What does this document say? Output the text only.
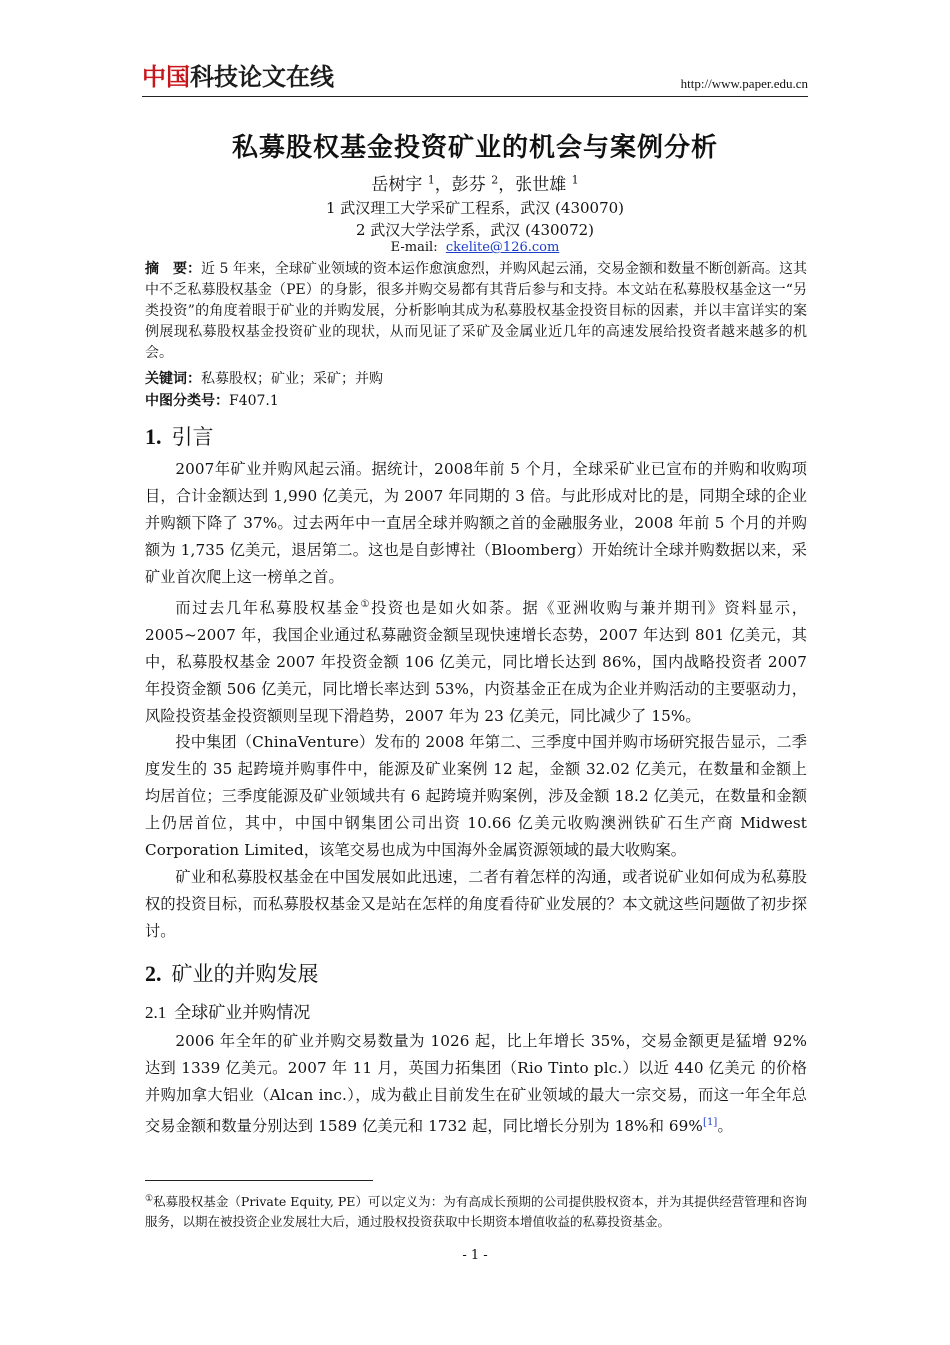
中国科技论文在线	http://www.paper.edu.cn
私募股权基金投资矿业的机会与案例分析
岳树宇 $^1$，彭芬 $^2$，张世雄 $^1$
1 武汉理工大学采矿工程系，武汉 (430070)
2 武汉大学法学系，武汉 (430072)
E-mail: ckelite@126.com
摘　要：近 5 年来，全球矿业领域的资本运作愈演愈烈，并购风起云涌，交易金额和数量不断创新高。这其中不乏私募股权基金（PE）的身影，很多并购交易都有其背后参与和支持。本文站在私募股权基金这一“另类投资”的角度着眼于矿业的并购发展，分析影响其成为私募股权基金投资目标的因素，并以丰富详实的案例展现私募股权基金投资矿业的现状，从而见证了采矿及金属业近几年的高速发展给投资者越来越多的机会。
关键词：私募股权；矿业；采矿；并购
中图分类号：F407.1
1. 引言
2007年矿业并购风起云涌。据统计，2008年前 5 个月，全球采矿业已宣布的并购和收购项目，合计金额达到 1,990 亿美元，为 2007 年同期的 3 倍。与此形成对比的是，同期全球的企业并购额下降了 37%。过去两年中一直居全球并购额之首的金融服务业，2008 年前 5 个月的并购额为 1,735 亿美元，退居第二。这也是自彭博社（Bloomberg）开始统计全球并购数据以来，采矿业首次爬上这一榜单之首。
而过去几年私募股权基金①投资也是如火如荼。据《亚洲收购与兼并期刊》资料显示，2005~2007 年，我国企业通过私募融资金额呈现快速增长态势，2007 年达到 801 亿美元，其中，私募股权基金 2007 年投资金额 106 亿美元，同比增长达到 86%，国内战略投资者 2007 年投资金额 506 亿美元，同比增长率达到 53%，内资基金正在成为企业并购活动的主要驱动力，风险投资基金投资额则呈现下滑趋势，2007 年为 23 亿美元，同比减少了 15%。
投中集团（ChinaVenture）发布的 2008 年第二、三季度中国并购市场研究报告显示，二季度发生的 35 起跨境并购事件中，能源及矿业案例 12 起，金额 32.02 亿美元，在数量和金额上均居首位；三季度能源及矿业领域共有 6 起跨境并购案例，涉及金额 18.2 亿美元，在数量和金额上仍居首位，其中，中国中钢集团公司出资 10.66 亿美元收购澳洲铁矿石生产商 Midwest Corporation Limited，该笔交易也成为中国海外金属资源领域的最大收购案。
矿业和私募股权基金在中国发展如此迅速，二者有着怎样的沟通，或者说矿业如何成为私募股权的投资目标，而私募股权基金又是站在怎样的角度看待矿业发展的？本文就这些问题做了初步探讨。
2. 矿业的并购发展
2.1 全球矿业并购情况
2006 年全年的矿业并购交易数量为 1026 起，比上年增长 35%，交易金额更是猛增 92% 达到 1339 亿美元。2007 年 11 月，英国力拓集团（Rio Tinto plc.）以近 440 亿美元 的价格并购加拿大铝业（Alcan inc.），成为截止目前发生在矿业领域的最大一宗交易，而这一年全年总交易金额和数量分别达到 1589 亿美元和 1732 起，同比增长分别为 18%和 69%[1]。
①私募股权基金（Private Equity, PE）可以定义为：为有高成长预期的公司提供股权资本，并为其提供经营管理和咨询服务，以期在被投资企业发展壮大后，通过股权投资获取中长期资本增值收益的私募投资基金。
- 1 -
